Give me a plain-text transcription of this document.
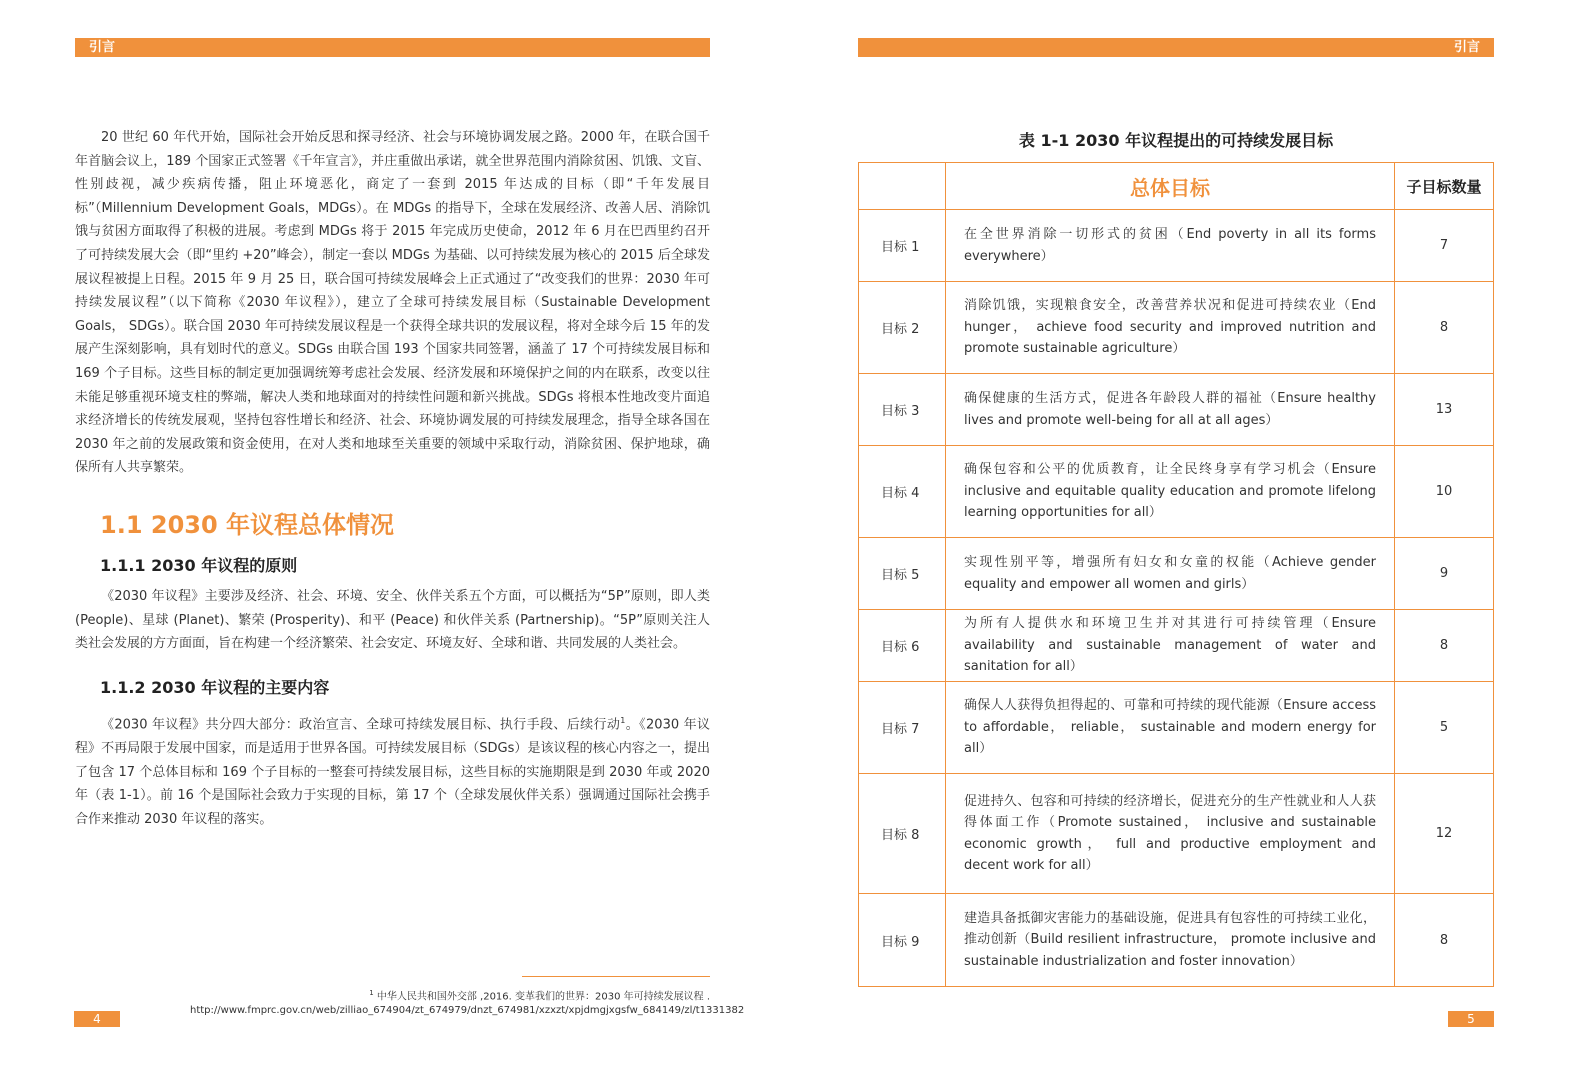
引言

20 世纪 60 年代开始，国际社会开始反思和探寻经济、社会与环境协调发展之路。2000 年，在联合国千年首脑会议上，189 个国家正式签署《千年宣言》，并庄重做出承诺，就全世界范围内消除贫困、饥饿、文盲、性别歧视，减少疾病传播，阻止环境恶化，商定了一套到 2015 年达成的目标（即“千年发展目标”（Millennium Development Goals，MDGs）。在 MDGs 的指导下，全球在发展经济、改善人居、消除饥饿与贫困方面取得了积极的进展。考虑到 MDGs 将于 2015 年完成历史使命，2012 年 6 月在巴西里约召开了可持续发展大会（即“里约 +20”峰会），制定一套以 MDGs 为基础、以可持续发展为核心的 2015 后全球发展议程被提上日程。2015 年 9 月 25 日，联合国可持续发展峰会上正式通过了“改变我们的世界：2030 年可持续发展议程”（以下简称《2030 年议程》），建立了全球可持续发展目标（Sustainable Development Goals， SDGs）。联合国 2030 年可持续发展议程是一个获得全球共识的发展议程，将对全球今后 15 年的发展产生深刻影响，具有划时代的意义。SDGs 由联合国 193 个国家共同签署，涵盖了 17 个可持续发展目标和 169 个子目标。这些目标的制定更加强调统筹考虑社会发展、经济发展和环境保护之间的内在联系，改变以往未能足够重视环境支柱的弊端，解决人类和地球面对的持续性问题和新兴挑战。SDGs 将根本性地改变片面追求经济增长的传统发展观，坚持包容性增长和经济、社会、环境协调发展的可持续发展理念，指导全球各国在 2030 年之前的发展政策和资金使用，在对人类和地球至关重要的领域中采取行动，消除贫困、保护地球，确保所有人共享繁荣。

1.1 2030 年议程总体情况
1.1.1 2030 年议程的原则

《2030 年议程》主要涉及经济、社会、环境、安全、伙伴关系五个方面，可以概括为“5P”原则，即人类 (People)、星球 (Planet)、繁荣 (Prosperity)、和平 (Peace) 和伙伴关系 (Partnership)。“5P”原则关注人类社会发展的方方面面，旨在构建一个经济繁荣、社会安定、环境友好、全球和谐、共同发展的人类社会。

1.1.2 2030 年议程的主要内容

《2030 年议程》共分四大部分：政治宣言、全球可持续发展目标、执行手段、后续行动$^1$。《2030 年议程》不再局限于发展中国家，而是适用于世界各国。可持续发展目标（SDGs）是该议程的核心内容之一，提出了包含 17 个总体目标和 169 个子目标的一整套可持续发展目标，这些目标的实施期限是到 2030 年或 2020 年（表 1-1）。前 16 个是国际社会致力于实现的目标，第 17 个（全球发展伙伴关系）强调通过国际社会携手合作来推动 2030 年议程的落实。

$^1$ 中华人民共和国外交部 ,2016. 变革我们的世界：2030 年可持续发展议程 . http://www.fmprc.gov.cn/web/zilliao_674904/zt_674979/dnzt_674981/xzxzt/xpjdmgjxgsfw_684149/zl/t1331382

4
引言

表 1-1 2030 年议程提出的可持续发展目标

	总体目标	子目标数量
目标 1	在全世界消除一切形式的贫困（End poverty in all its forms everywhere）	7
目标 2	消除饥饿，实现粮食安全，改善营养状况和促进可持续农业（End hunger， achieve food security and improved nutrition and promote sustainable agriculture）	8
目标 3	确保健康的生活方式，促进各年龄段人群的福祉（Ensure healthy lives and promote well-being for all at all ages）	13
目标 4	确保包容和公平的优质教育，让全民终身享有学习机会（Ensure inclusive and equitable quality education and promote lifelong learning opportunities for all）	10
目标 5	实现性别平等，增强所有妇女和女童的权能（Achieve gender equality and empower all women and girls）	9
目标 6	为所有人提供水和环境卫生并对其进行可持续管理（Ensure availability and sustainable management of water and sanitation for all）	8
目标 7	确保人人获得负担得起的、可靠和可持续的现代能源（Ensure access to affordable， reliable， sustainable and modern energy for all）	5
目标 8	促进持久、包容和可持续的经济增长，促进充分的生产性就业和人人获得体面工作（Promote sustained， inclusive and sustainable economic growth， full and productive employment and decent work for all）	12
目标 9	建造具备抵御灾害能力的基础设施，促进具有包容性的可持续工业化，推动创新（Build resilient infrastructure， promote inclusive and sustainable industrialization and foster innovation）	8
5
